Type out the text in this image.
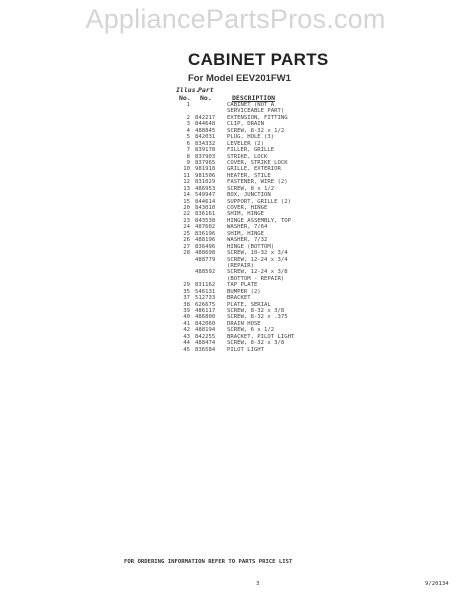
AppliancePartsPros.com
CABINET PARTS
For Model EEV201FW1
Illus.
Part
No. No.	DESCRIPTION
1	CABINET (NOT A
SERVICEABLE PART)
2 842217 EXTENSION, FITTING
3 844648 CLIP, DRAIN
4 488845 SCREW, 8-32 x 1/2
5 842031 PLUG, HOLE (3)
6 834332 LEVELER (2)
7 839178 FILLER, GRILLE
8 837903 STRIKE, LOCK
9 837965 COVER, STRIKE LOCK
10 981918 GRILLE, EXTERIOR
11 981506 HEATER, STILE
12 831029 FASTENER, WIRE (2)
13 486953 SCREW, 8 x 1/2
14 549947 BOX, JUNCTION
15 844614 SUPPORT, GRILLE (2)
20 843010 COVER, HINGE
22 836161 SHIM, HINGE
23 843538 HINGE ASSEMBLY, TOP
24 487602 WASHER, 7/64
25 836196 SHIM, HINGE
26 488196 WASHER, 7/32
27 836496 HINGE (BOTTOM)
28 488698 SCREW, 10-32 x 3/4
488779 SCREW, 12-24 x 3/4
(REPAIR)
488592 SCREW, 12-24 x 3/8
(BOTTOM - REPAIR)
29 831162 TAP PLATE
35 546131 BUMPER (2)
37 512733 BRACKET
38 626675 PLATE, SERIAL
39 486117 SCREW, 8-32 x 3/8
40 486800 SCREW, 8-32 x .375
41 842060 DRAIN HOSE
42 488194 SCREW, 6 x 1/2
43 842255 BRACKET, PILOT LIGHT
44 488474 SCREW, 8-32 x 3/8
45 836584 PILOT LIGHT
FOR ORDERING INFORMATION REFER TO PARTS PRICE LIST
3	9/20134
